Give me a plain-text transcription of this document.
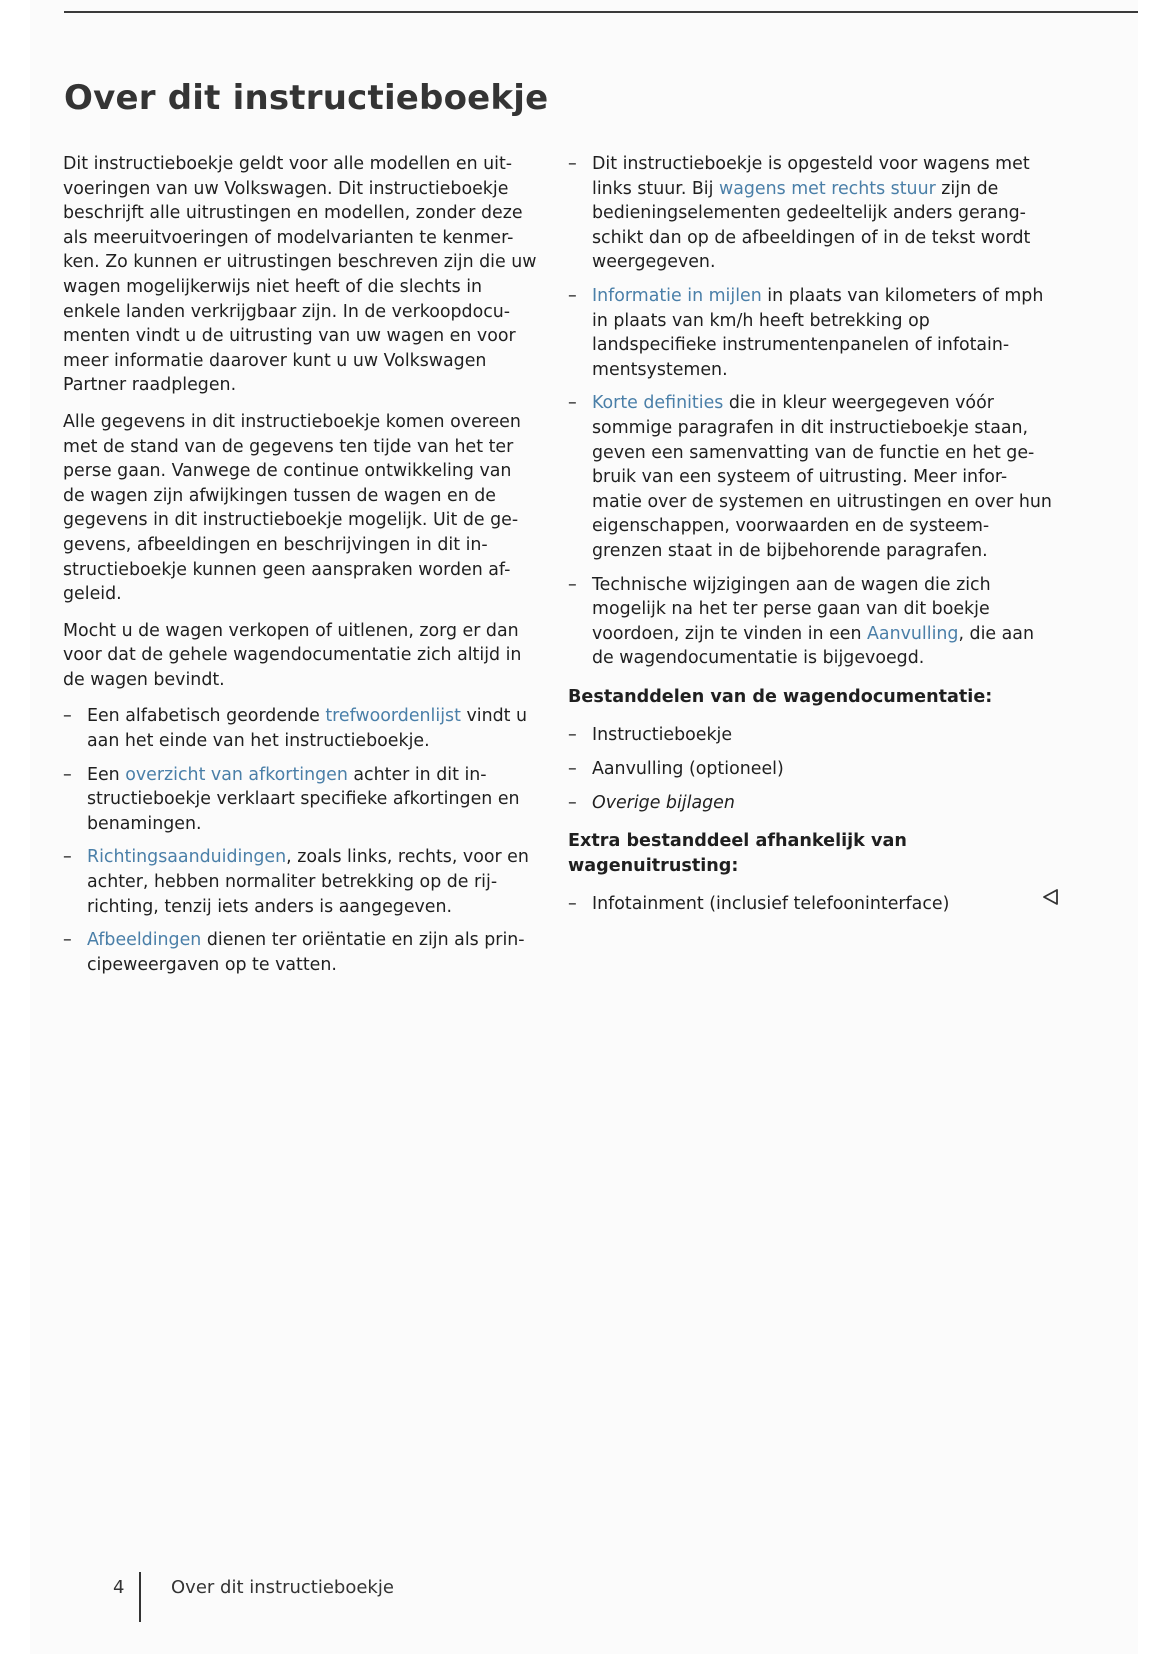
Over dit instructieboekje

Dit instructieboekje geldt voor alle modellen en uit-voeringen van uw Volkswagen. Dit instructieboekje beschrijft alle uitrustingen en modellen, zonder deze als meeruitvoeringen of modelvarianten te kenmer-ken. Zo kunnen er uitrustingen beschreven zijn die uw wagen mogelijkerwijs niet heeft of die slechts in enkele landen verkrijgbaar zijn. In de verkoopdocu-menten vindt u de uitrusting van uw wagen en voor meer informatie daarover kunt u uw Volkswagen Partner raadplegen.

Alle gegevens in dit instructieboekje komen overeen met de stand van de gegevens ten tijde van het ter perse gaan. Vanwege de continue ontwikkeling van de wagen zijn afwijkingen tussen de wagen en de gegevens in dit instructieboekje mogelijk. Uit de ge-gevens, afbeeldingen en beschrijvingen in dit in-structieboekje kunnen geen aanspraken worden af-geleid.

Mocht u de wagen verkopen of uitlenen, zorg er dan voor dat de gehele wagendocumentatie zich altijd in de wagen bevindt.

– Een alfabetisch geordende trefwoordenlijst vindt u aan het einde van het instructieboekje.
– Een overzicht van afkortingen achter in dit in-structieboekje verklaart specifieke afkortingen en benamingen.
– Richtingsaanduidingen, zoals links, rechts, voor en achter, hebben normaliter betrekking op de rij-richting, tenzij iets anders is aangegeven.
– Afbeeldingen dienen ter oriëntatie en zijn als prin-cipeweergaven op te vatten.
– Dit instructieboekje is opgesteld voor wagens met links stuur. Bij wagens met rechts stuur zijn de bedieningselementen gedeeltelijk anders gerang-schikt dan op de afbeeldingen of in de tekst wordt weergegeven.
– Informatie in mijlen in plaats van kilometers of mph in plaats van km/h heeft betrekking op landspecifieke instrumentenpanelen of infotain-mentsystemen.
– Korte definities die in kleur weergegeven vóór sommige paragrafen in dit instructieboekje staan, geven een samenvatting van de functie en het ge-bruik van een systeem of uitrusting. Meer infor-matie over de systemen en uitrustingen en over hun eigenschappen, voorwaarden en de systeem-grenzen staat in de bijbehorende paragrafen.
– Technische wijzigingen aan de wagen die zich mogelijk na het ter perse gaan van dit boekje voordoen, zijn te vinden in een Aanvulling, die aan de wagendocumentatie is bijgevoegd.
Bestanddelen van de wagendocumentatie:
– Instructieboekje
– Aanvulling (optioneel)
– Overige bijlagen
Extra bestanddeel afhankelijk van wagenuitrusting:
– Infotainment (inclusief telefooninterface)
4	Over dit instructieboekje
